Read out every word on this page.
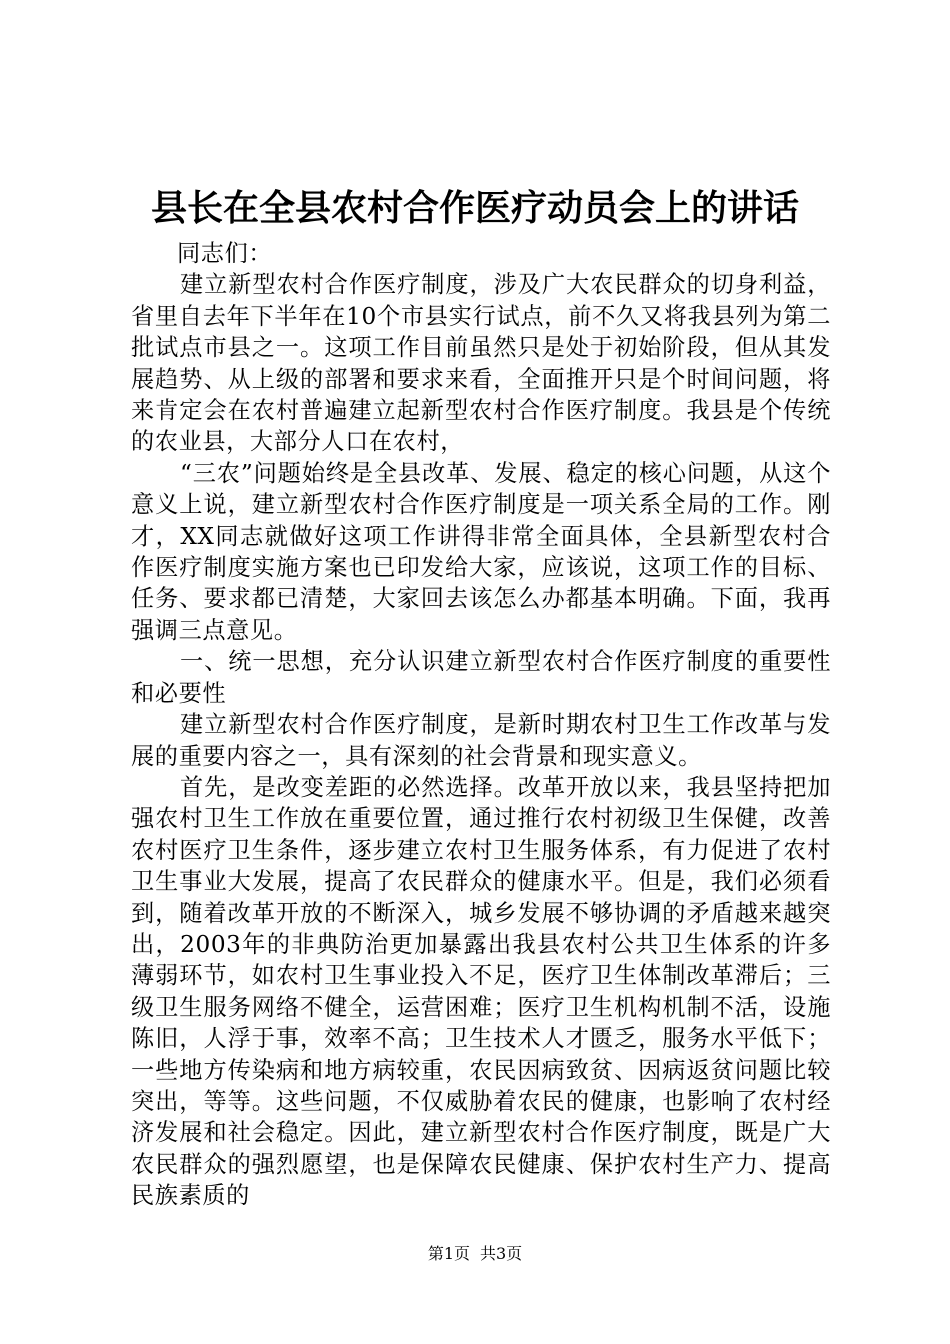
县长在全县农村合作医疗动员会上的讲话

同志们：

建立新型农村合作医疗制度，涉及广大农民群众的切身利益，省里自去年下半年在10个市县实行试点，前不久又将我县列为第二批试点市县之一。这项工作目前虽然只是处于初始阶段，但从其发展趋势、从上级的部署和要求来看，全面推开只是个时间问题，将来肯定会在农村普遍建立起新型农村合作医疗制度。我县是个传统的农业县，大部分人口在农村，

“三农”问题始终是全县改革、发展、稳定的核心问题，从这个意义上说，建立新型农村合作医疗制度是一项关系全局的工作。刚才，XX同志就做好这项工作讲得非常全面具体，全县新型农村合作医疗制度实施方案也已印发给大家，应该说，这项工作的目标、任务、要求都已清楚，大家回去该怎么办都基本明确。下面，我再强调三点意见。

一、统一思想，充分认识建立新型农村合作医疗制度的重要性和必要性

建立新型农村合作医疗制度，是新时期农村卫生工作改革与发展的重要内容之一，具有深刻的社会背景和现实意义。

首先，是改变差距的必然选择。改革开放以来，我县坚持把加强农村卫生工作放在重要位置，通过推行农村初级卫生保健，改善农村医疗卫生条件，逐步建立农村卫生服务体系，有力促进了农村卫生事业大发展，提高了农民群众的健康水平。但是，我们必须看到，随着改革开放的不断深入，城乡发展不够协调的矛盾越来越突出，2003年的非典防治更加暴露出我县农村公共卫生体系的许多薄弱环节，如农村卫生事业投入不足，医疗卫生体制改革滞后；三级卫生服务网络不健全，运营困难；医疗卫生机构机制不活，设施陈旧，人浮于事，效率不高；卫生技术人才匮乏，服务水平低下；一些地方传染病和地方病较重，农民因病致贫、因病返贫问题比较突出，等等。这些问题，不仅威胁着农民的健康，也影响了农村经济发展和社会稳定。因此，建立新型农村合作医疗制度，既是广大农民群众的强烈愿望，也是保障农民健康、保护农村生产力、提高民族素质的

第1页 共3页
